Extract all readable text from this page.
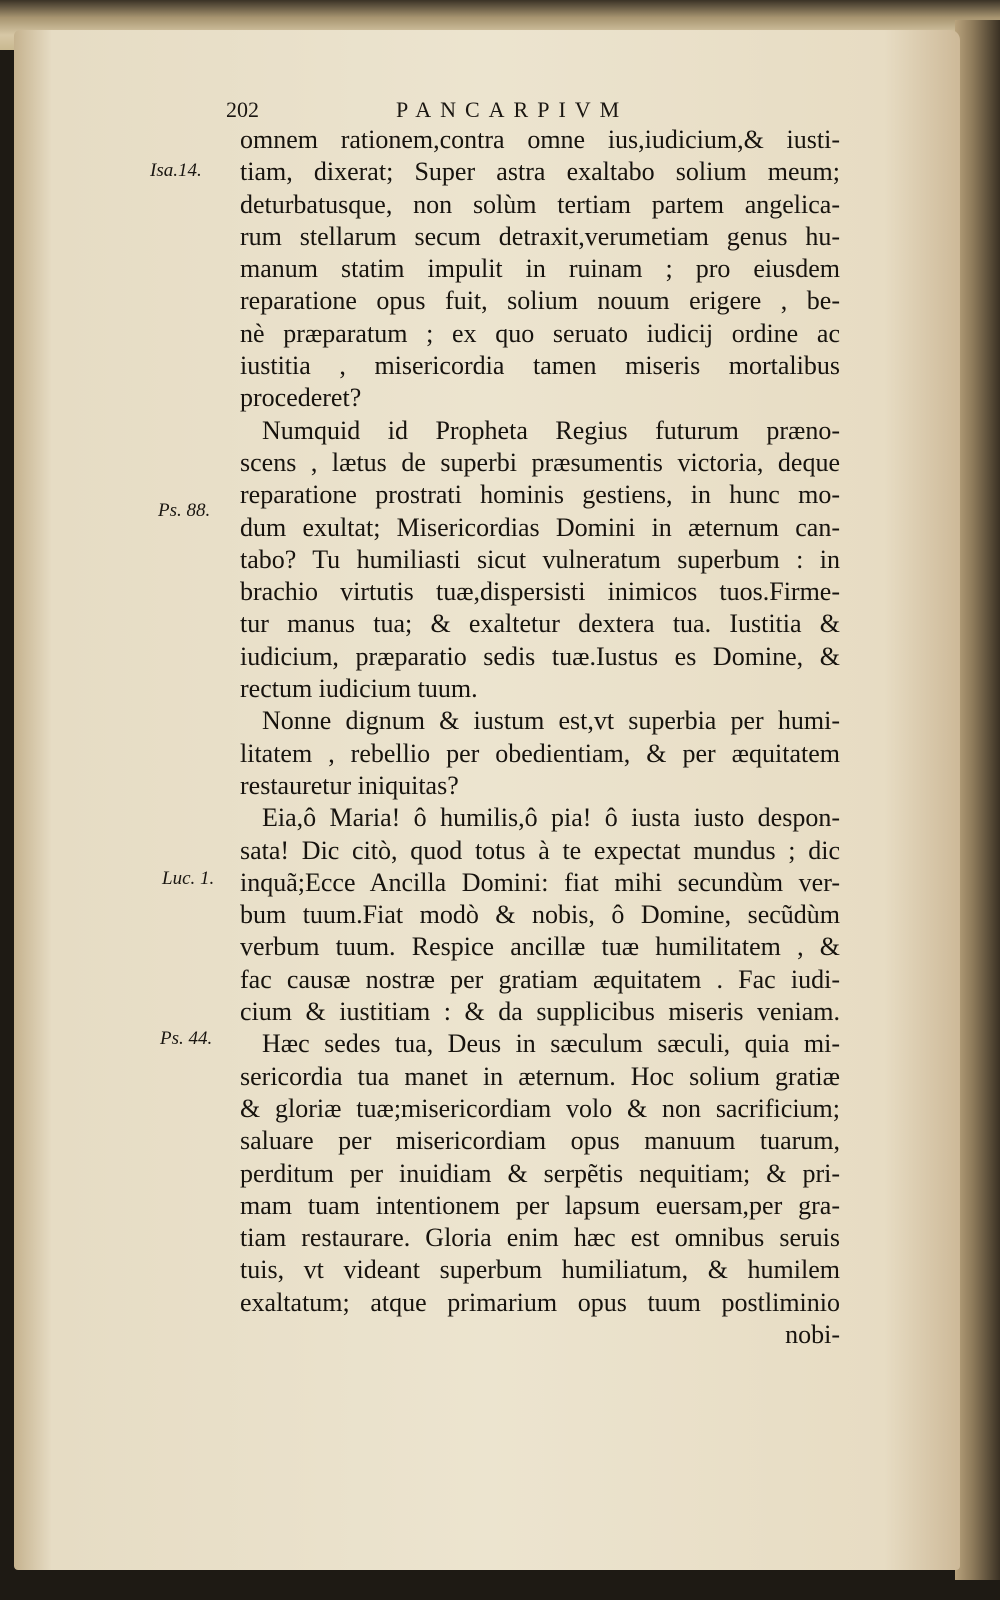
202	PANCARPIVM
Isa.14.
Ps. 88.
Luc. 1.
Ps. 44.
omnem rationem,contra omne ius,iudicium,& iusti-
tiam, dixerat; Super astra exaltabo solium meum;
deturbatusque, non solùm tertiam partem angelica-
rum stellarum secum detraxit,verumetiam genus hu-
manum statim impulit in ruinam ; pro eiusdem
reparatione opus fuit, solium nouum erigere , be-
nè præparatum ; ex quo seruato iudicij ordine ac
iustitia , misericordia tamen miseris mortalibus
procederet?
Numquid id Propheta Regius futurum præno-
scens , lætus de superbi præsumentis victoria, deque
reparatione prostrati hominis gestiens, in hunc mo-
dum exultat; Misericordias Domini in æternum can-
tabo? Tu humiliasti sicut vulneratum superbum : in
brachio virtutis tuæ,dispersisti inimicos tuos.Firme-
tur manus tua; & exaltetur dextera tua. Iustitia &
iudicium, præparatio sedis tuæ.Iustus es Domine, &
rectum iudicium tuum.
Nonne dignum & iustum est,vt superbia per humi-
litatem , rebellio per obedientiam, & per æquitatem
restauretur iniquitas?
Eia,ô Maria! ô humilis,ô pia! ô iusta iusto despon-
sata! Dic citò, quod totus à te expectat mundus ; dic
inquã;Ecce Ancilla Domini: fiat mihi secundùm ver-
bum tuum.Fiat modò & nobis, ô Domine, secũdùm
verbum tuum. Respice ancillæ tuæ humilitatem , &
fac causæ nostræ per gratiam æquitatem . Fac iudi-
cium & iustitiam : & da supplicibus miseris veniam.
Hæc sedes tua, Deus in sæculum sæculi, quia mi-
sericordia tua manet in æternum. Hoc solium gratiæ
& gloriæ tuæ;misericordiam volo & non sacrificium;
saluare per misericordiam opus manuum tuarum,
perditum per inuidiam & serpẽtis nequitiam; & pri-
mam tuam intentionem per lapsum euersam,per gra-
tiam restaurare. Gloria enim hæc est omnibus seruis
tuis, vt videant superbum humiliatum, & humilem
exaltatum; atque primarium opus tuum postliminio
nobi-
